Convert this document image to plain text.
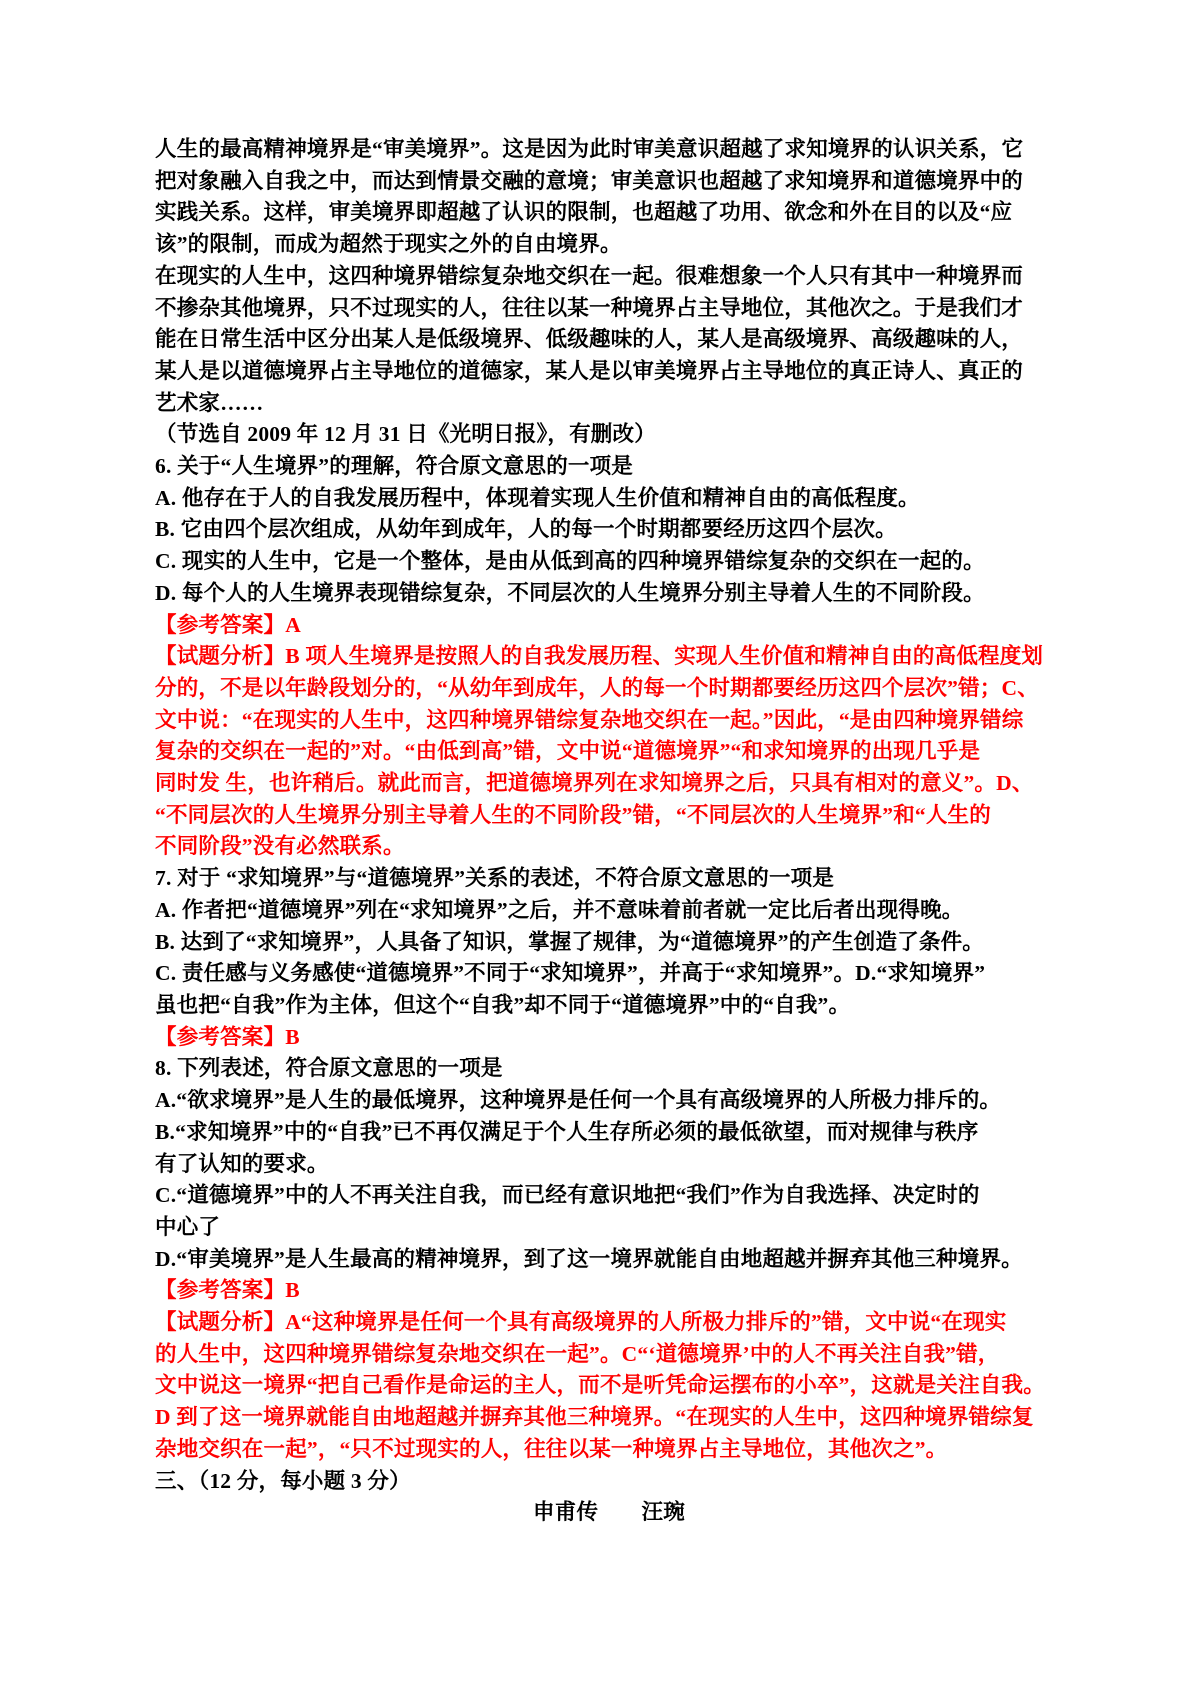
人生的最高精神境界是“审美境界”。这是因为此时审美意识超越了求知境界的认识关系，它
把对象融入自我之中，而达到情景交融的意境；审美意识也超越了求知境界和道德境界中的
实践关系。这样，审美境界即超越了认识的限制，也超越了功用、欲念和外在目的以及“应
该”的限制，而成为超然于现实之外的自由境界。
在现实的人生中，这四种境界错综复杂地交织在一起。很难想象一个人只有其中一种境界而
不掺杂其他境界，只不过现实的人，往往以某一种境界占主导地位，其他次之。于是我们才
能在日常生活中区分出某人是低级境界、低级趣味的人，某人是高级境界、高级趣味的人，
某人是以道德境界占主导地位的道德家，某人是以审美境界占主导地位的真正诗人、真正的
艺术家……
（节选自 2009 年 12 月 31 日《光明日报》，有删改）
6. 关于“人生境界”的理解，符合原文意思的一项是
A. 他存在于人的自我发展历程中，体现着实现人生价值和精神自由的高低程度。
B. 它由四个层次组成，从幼年到成年，人的每一个时期都要经历这四个层次。
C. 现实的人生中，它是一个整体，是由从低到高的四种境界错综复杂的交织在一起的。
D. 每个人的人生境界表现错综复杂，不同层次的人生境界分别主导着人生的不同阶段。
【参考答案】A
【试题分析】B 项人生境界是按照人的自我发展历程、实现人生价值和精神自由的高低程度划
分的，不是以年龄段划分的，“从幼年到成年，人的每一个时期都要经历这四个层次”错；C、
文中说：“在现实的人生中，这四种境界错综复杂地交织在一起。”因此，“是由四种境界错综
复杂的交织在一起的”对。“由低到高”错，文中说“道德境界”“和求知境界的出现几乎是
同时发 生，也许稍后。就此而言，把道德境界列在求知境界之后，只具有相对的意义”。D、
“不同层次的人生境界分别主导着人生的不同阶段”错，“不同层次的人生境界”和“人生的
不同阶段”没有必然联系。
7. 对于 “求知境界”与“道德境界”关系的表述，不符合原文意思的一项是
A. 作者把“道德境界”列在“求知境界”之后，并不意味着前者就一定比后者出现得晚。
B. 达到了“求知境界”，人具备了知识，掌握了规律，为“道德境界”的产生创造了条件。
C. 责任感与义务感使“道德境界”不同于“求知境界”，并高于“求知境界”。D.“求知境界”
虽也把“自我”作为主体，但这个“自我”却不同于“道德境界”中的“自我”。
【参考答案】B
8. 下列表述，符合原文意思的一项是
A.“欲求境界”是人生的最低境界，这种境界是任何一个具有高级境界的人所极力排斥的。
B.“求知境界”中的“自我”已不再仅满足于个人生存所必须的最低欲望，而对规律与秩序
有了认知的要求。
C.“道德境界”中的人不再关注自我，而已经有意识地把“我们”作为自我选择、决定时的
中心了
D.“审美境界”是人生最高的精神境界，到了这一境界就能自由地超越并摒弃其他三种境界。
【参考答案】B
【试题分析】A“这种境界是任何一个具有高级境界的人所极力排斥的”错，文中说“在现实
的人生中，这四种境界错综复杂地交织在一起”。C“‘道德境界’中的人不再关注自我”错，
文中说这一境界“把自己看作是命运的主人，而不是听凭命运摆布的小卒”，这就是关注自我。
D 到了这一境界就能自由地超越并摒弃其他三种境界。“在现实的人生中，这四种境界错综复
杂地交织在一起”，“只不过现实的人，往往以某一种境界占主导地位，其他次之”。
三、（12 分，每小题 3 分）
申甫传　　汪琬
